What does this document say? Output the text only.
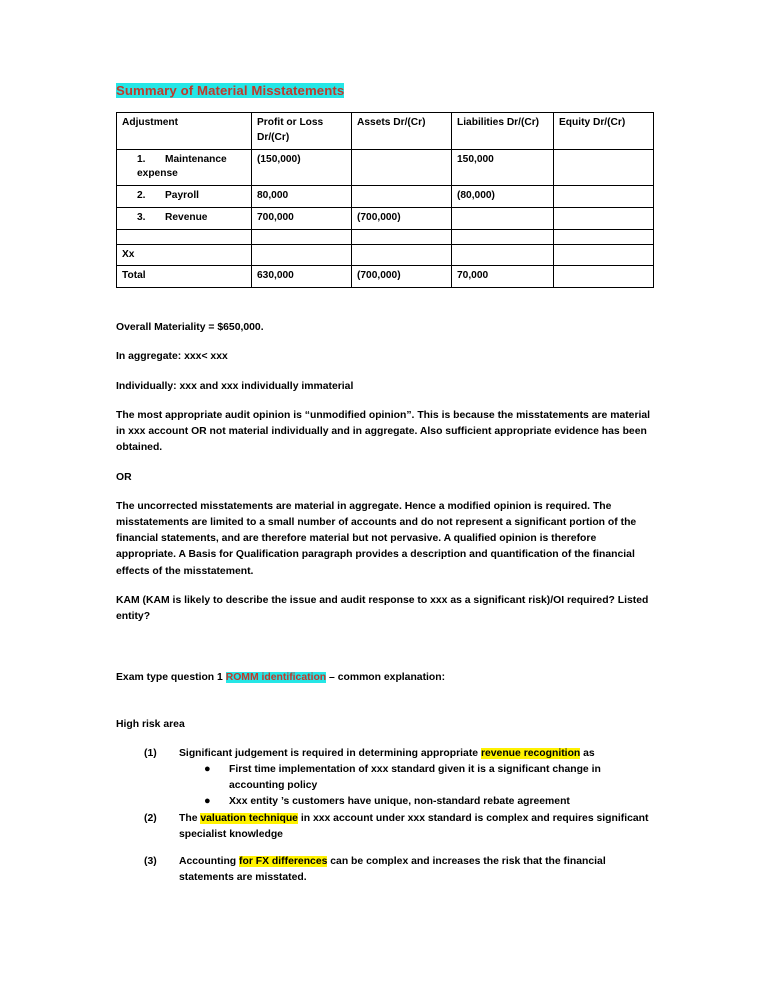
Summary of Material Misstatements
Adjustment	Profit or Loss Dr/(Cr)	Assets Dr/(Cr)	Liabilities Dr/(Cr)	Equity Dr/(Cr)
1. Maintenance expense	(150,000)		150,000	
2. Payroll	80,000		(80,000)	
3. Revenue	700,000	(700,000)		

Xx				
Total	630,000	(700,000)	70,000	

Overall Materiality = $650,000.

In aggregate: xxx< xxx

Individually: xxx and xxx individually immaterial

The most appropriate audit opinion is “unmodified opinion”. This is because the misstatements are material in xxx account OR not material individually and in aggregate. Also sufficient appropriate evidence has been obtained.

OR

The uncorrected misstatements are material in aggregate. Hence a modified opinion is required. The misstatements are limited to a small number of accounts and do not represent a significant portion of the financial statements, and are therefore material but not pervasive. A qualified opinion is therefore appropriate. A Basis for Qualification paragraph provides a description and quantification of the financial effects of the misstatement.

KAM (KAM is likely to describe the issue and audit response to xxx as a significant risk)/OI required? Listed entity?

Exam type question 1 ROMM identification – common explanation:

High risk area

(1)	Significant judgement is required in determining appropriate revenue recognition as
● First time implementation of xxx standard given it is a significant change in accounting policy
● Xxx entity ’s customers have unique, non-standard rebate agreement
(2)	The valuation technique in xxx account under xxx standard is complex and requires significant specialist knowledge
(3)	Accounting for FX differences can be complex and increases the risk that the financial statements are misstated.
